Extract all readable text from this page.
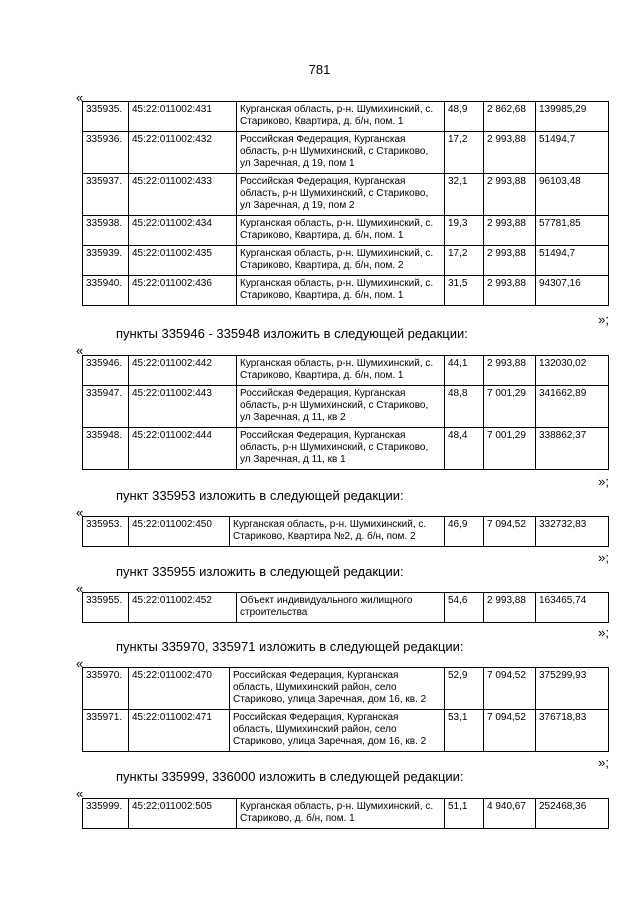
781
«
335935.	45:22:011002:431	Курганская область, р-н. Шумихинский, с. Стариково, Квартира, д. б/н, пом. 1	48,9	2 862,68	139985,29
335936.	45:22:011002:432	Российская Федерация, Курганская область, р-н Шумихинский, с Стариково, ул Заречная, д 19, пом 1	17,2	2 993,88	51494,7
335937.	45:22:011002:433	Российская Федерация, Курганская область, р-н Шумихинский, с Стариково, ул Заречная, д 19, пом 2	32,1	2 993,88	96103,48
335938.	45:22:011002:434	Курганская область, р-н. Шумихинский, с. Стариково, Квартира, д. б/н, пом. 1	19,3	2 993,88	57781,85
335939.	45:22:011002:435	Курганская область, р-н. Шумихинский, с. Стариково, Квартира, д. б/н, пом. 2	17,2	2 993,88	51494,7
335940.	45:22:011002:436	Курганская область, р-н. Шумихинский, с. Стариково, Квартира, д. б/н, пом. 1	31,5	2 993,88	94307,16
»;
пункты 335946 - 335948 изложить в следующей редакции:
«
335946.	45:22:011002:442	Курганская область, р-н. Шумихинский, с. Стариково, Квартира, д. б/н, пом. 1	44,1	2 993,88	132030,02
335947.	45:22:011002:443	Российская Федерация, Курганская область, р-н Шумихинский, с Стариково, ул Заречная, д 11, кв 2	48,8	7 001,29	341662,89
335948.	45:22:011002:444	Российская Федерация, Курганская область, р-н Шумихинский, с Стариково, ул Заречная, д 11, кв 1	48,4	7 001,29	338862,37
»;
пункт 335953 изложить в следующей редакции:
«
335953.	45:22:011002:450	Курганская область, р-н. Шумихинский, с. Стариково, Квартира №2, д. б/н, пом. 2	46,9	7 094,52	332732,83
»;
пункт 335955 изложить в следующей редакции:
«
335955.	45:22:011002:452	Объект индивидуального жилищного строительства	54,6	2 993,88	163465,74
»;
пункты 335970, 335971 изложить в следующей редакции:
«
335970.	45:22:011002:470	Российская Федерация, Курганская область, Шумихинский район, село Стариково, улица Заречная, дом 16, кв. 2	52,9	7 094,52	375299,93
335971.	45:22:011002:471	Российская Федерация, Курганская область, Шумихинский район, село Стариково, улица Заречная, дом 16, кв. 2	53,1	7 094,52	376718,83
»;
пункты 335999, 336000 изложить в следующей редакции:
«
335999.	45:22:011002:505	Курганская область, р-н. Шумихинский, с. Стариково, д. б/н, пом. 1	51,1	4 940,67	252468,36
